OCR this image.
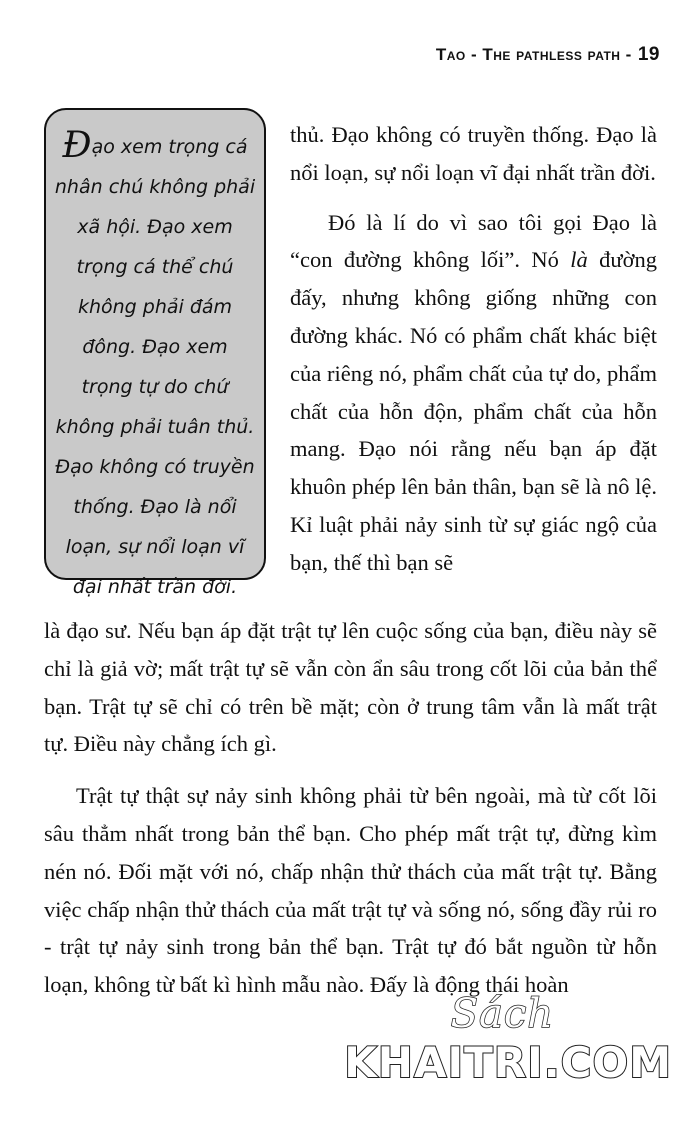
Tao - The pathless path - 19
Đạo xem trọng cá nhân chú không phải xã hội. Đạo xem trọng cá thể chú không phải đám đông. Đạo xem trọng tự do chứ không phải tuân thủ. Đạo không có truyền thống. Đạo là nổi loạn, sự nổi loạn vĩ đại nhất trần đời.

thủ. Đạo không có truyền thống. Đạo là nổi loạn, sự nổi loạn vĩ đại nhất trần đời.

Đó là lí do vì sao tôi gọi Đạo là “con đường không lối”. Nó là đường đấy, nhưng không giống những con đường khác. Nó có phẩm chất khác biệt của riêng nó, phẩm chất của tự do, phẩm chất của hỗn độn, phẩm chất của hỗn mang. Đạo nói rằng nếu bạn áp đặt khuôn phép lên bản thân, bạn sẽ là nô lệ. Kỉ luật phải nảy sinh từ sự giác ngộ của bạn, thế thì bạn sẽ

là đạo sư. Nếu bạn áp đặt trật tự lên cuộc sống của bạn, điều này sẽ chỉ là giả vờ; mất trật tự sẽ vẫn còn ẩn sâu trong cốt lõi của bản thể bạn. Trật tự sẽ chỉ có trên bề mặt; còn ở trung tâm vẫn là mất trật tự. Điều này chẳng ích gì.

Trật tự thật sự nảy sinh không phải từ bên ngoài, mà từ cốt lõi sâu thẳm nhất trong bản thể bạn. Cho phép mất trật tự, đừng kìm nén nó. Đối mặt với nó, chấp nhận thử thách của mất trật tự. Bằng việc chấp nhận thử thách của mất trật tự và sống nó, sống đầy rủi ro - trật tự nảy sinh trong bản thể bạn. Trật tự đó bắt nguồn từ hỗn loạn, không từ bất kì hình mẫu nào. Đấy là động thái hoàn

Sách
KHAITRI.COM
